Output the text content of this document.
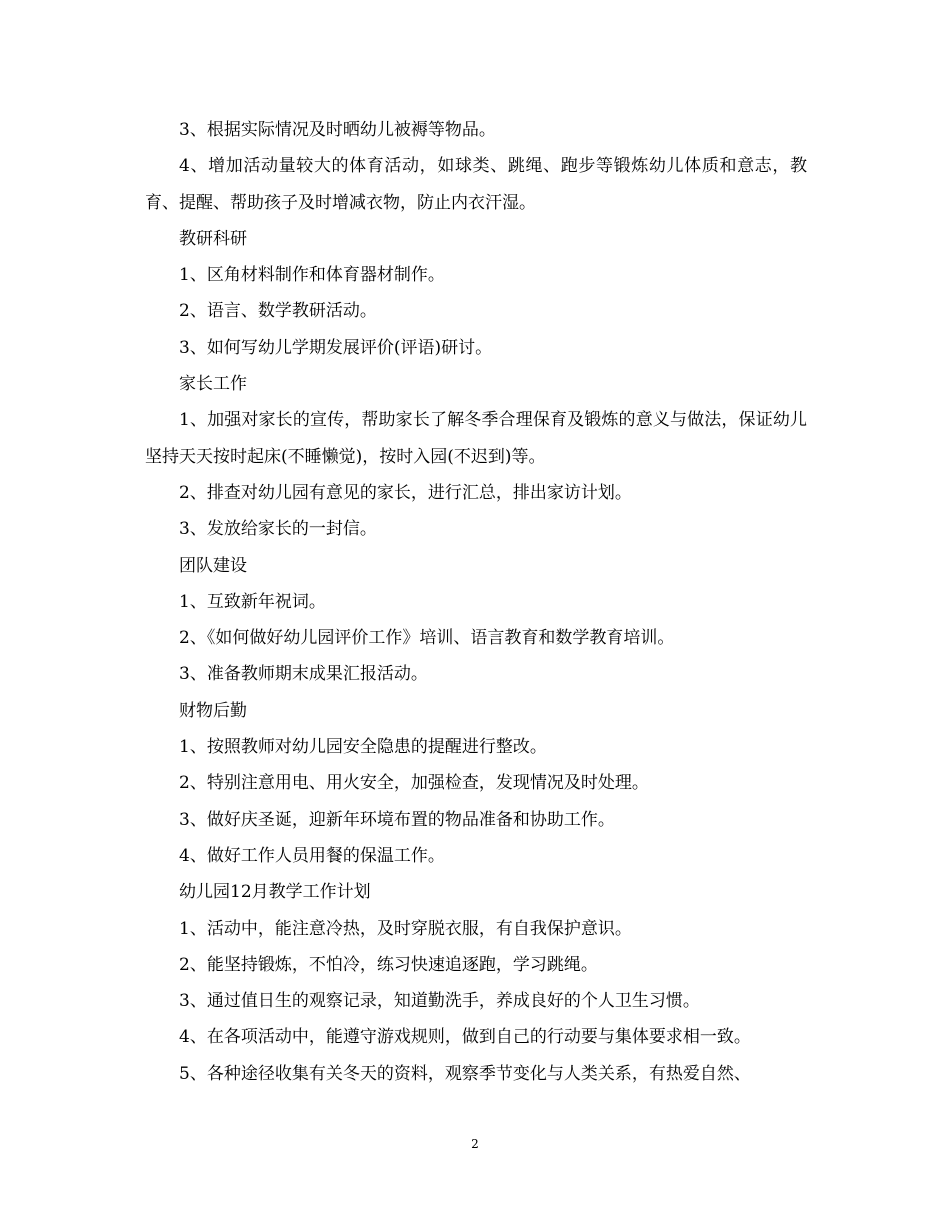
3、根据实际情况及时晒幼儿被褥等物品。

4、增加活动量较大的体育活动，如球类、跳绳、跑步等锻炼幼儿体质和意志，教育、提醒、帮助孩子及时增减衣物，防止内衣汗湿。

教研科研

1、区角材料制作和体育器材制作。

2、语言、数学教研活动。

3、如何写幼儿学期发展评价(评语)研讨。

家长工作

1、加强对家长的宣传，帮助家长了解冬季合理保育及锻炼的意义与做法，保证幼儿坚持天天按时起床(不睡懒觉)，按时入园(不迟到)等。

2、排查对幼儿园有意见的家长，进行汇总，排出家访计划。

3、发放给家长的一封信。

团队建设

1、互致新年祝词。

2、《如何做好幼儿园评价工作》培训、语言教育和数学教育培训。

3、准备教师期末成果汇报活动。

财物后勤

1、按照教师对幼儿园安全隐患的提醒进行整改。

2、特别注意用电、用火安全，加强检查，发现情况及时处理。

3、做好庆圣诞，迎新年环境布置的物品准备和协助工作。

4、做好工作人员用餐的保温工作。

幼儿园12月教学工作计划

1、活动中，能注意冷热，及时穿脱衣服，有自我保护意识。

2、能坚持锻炼，不怕冷，练习快速追逐跑，学习跳绳。

3、通过值日生的观察记录，知道勤洗手，养成良好的个人卫生习惯。

4、在各项活动中，能遵守游戏规则，做到自己的行动要与集体要求相一致。

5、各种途径收集有关冬天的资料，观察季节变化与人类关系，有热爱自然、

2
